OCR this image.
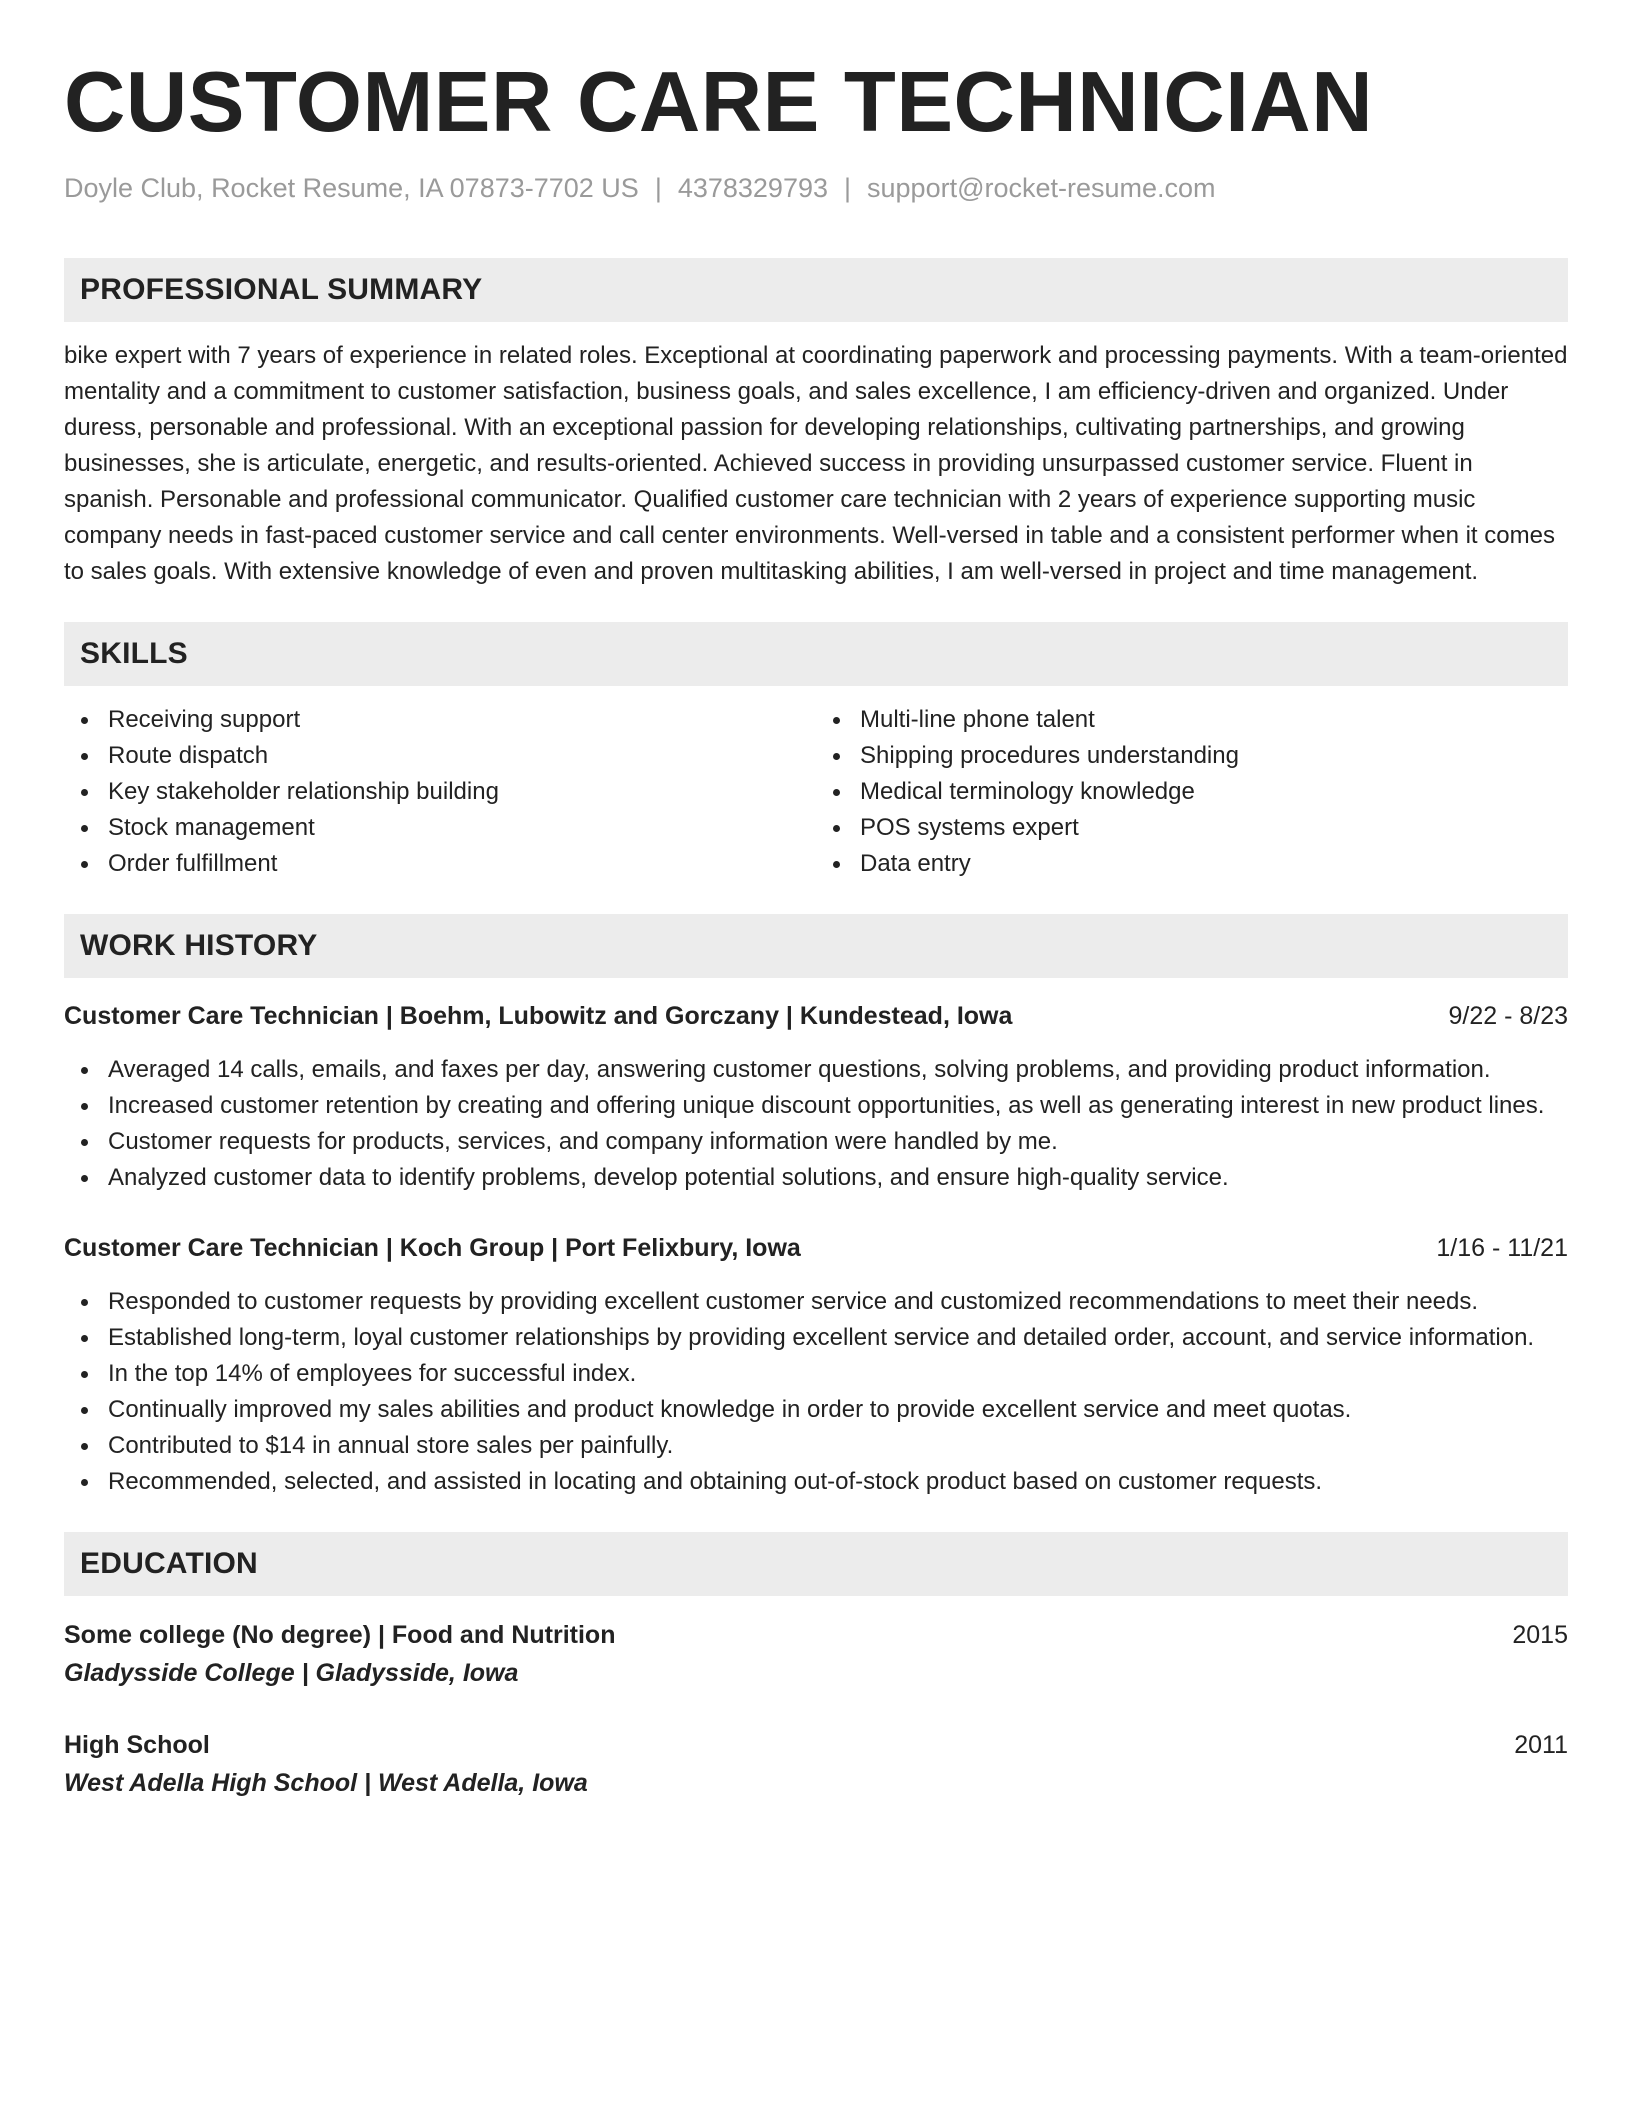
CUSTOMER CARE TECHNICIAN
Doyle Club, Rocket Resume, IA 07873-7702 US | 4378329793 | support@rocket-resume.com
PROFESSIONAL SUMMARY

bike expert with 7 years of experience in related roles. Exceptional at coordinating paperwork and processing payments. With a team-oriented mentality and a commitment to customer satisfaction, business goals, and sales excellence, I am efficiency-driven and organized. Under duress, personable and professional. With an exceptional passion for developing relationships, cultivating partnerships, and growing businesses, she is articulate, energetic, and results-oriented. Achieved success in providing unsurpassed customer service. Fluent in spanish. Personable and professional communicator. Qualified customer care technician with 2 years of experience supporting music company needs in fast-paced customer service and call center environments. Well-versed in table and a consistent performer when it comes to sales goals. With extensive knowledge of even and proven multitasking abilities, I am well-versed in project and time management.

SKILLS
Receiving support
Route dispatch
Key stakeholder relationship building
Stock management
Order fulfillment
Multi-line phone talent
Shipping procedures understanding
Medical terminology knowledge
POS systems expert
Data entry
WORK HISTORY
Customer Care Technician | Boehm, Lubowitz and Gorczany | Kundestead, Iowa	9/22 - 8/23
Averaged 14 calls, emails, and faxes per day, answering customer questions, solving problems, and providing product information.
Increased customer retention by creating and offering unique discount opportunities, as well as generating interest in new product lines.
Customer requests for products, services, and company information were handled by me.
Analyzed customer data to identify problems, develop potential solutions, and ensure high-quality service.
Customer Care Technician | Koch Group | Port Felixbury, Iowa	1/16 - 11/21
Responded to customer requests by providing excellent customer service and customized recommendations to meet their needs.
Established long-term, loyal customer relationships by providing excellent service and detailed order, account, and service information.
In the top 14% of employees for successful index.
Continually improved my sales abilities and product knowledge in order to provide excellent service and meet quotas.
Contributed to $14 in annual store sales per painfully.
Recommended, selected, and assisted in locating and obtaining out-of-stock product based on customer requests.
EDUCATION
Some college (No degree) | Food and Nutrition	2015
Gladysside College | Gladysside, Iowa
High School	2011
West Adella High School | West Adella, Iowa
